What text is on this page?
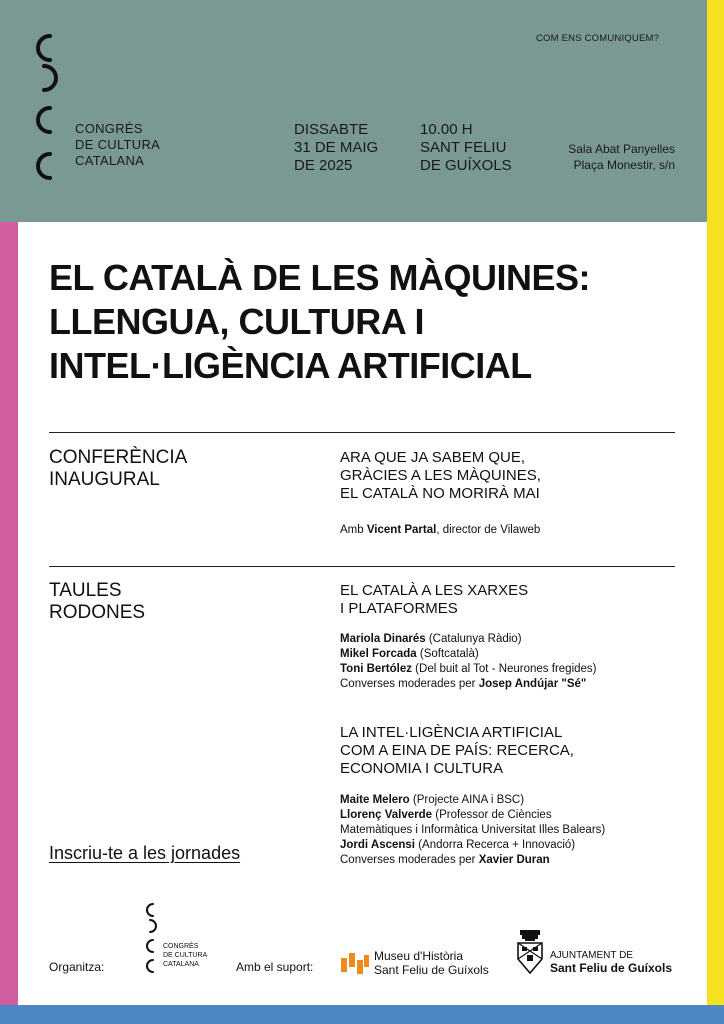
CONGRÉS
DE CULTURA
CATALANA
COM ENS COMUNIQUEM?
DISSABTE
31 DE MAIG
DE 2025
10.00 H
SANT FELIU
DE GUÍXOLS
Sala Abat Panyelles
Plaça Monestir, s/n
EL CATALÀ DE LES MÀQUINES:
LLENGUA, CULTURA I
INTEL·LIGÈNCIA ARTIFICIAL
CONFERÈNCIA
INAUGURAL
ARA QUE JA SABEM QUE,
GRÀCIES A LES MÀQUINES,
EL CATALÀ NO MORIRÀ MAI
Amb Vicent Partal, director de Vilaweb
TAULES
RODONES
EL CATALÀ A LES XARXES
I PLATAFORMES
Mariola Dinarés (Catalunya Ràdio)
Mikel Forcada (Softcatalà)
Toni Bertólez (Del buit al Tot - Neurones fregides)
Converses moderades per Josep Andújar "Sé"
LA INTEL·LIGÈNCIA ARTIFICIAL
COM A EINA DE PAÍS: RECERCA,
ECONOMIA I CULTURA
Maite Melero (Projecte AINA i BSC)
Llorenç Valverde (Professor de Ciències
Matemàtiques i Informàtica Universitat Illes Balears)
Jordi Ascensi (Andorra Recerca + Innovació)
Converses moderades per Xavier Duran
Inscriu-te a les jornades
Organitza:
CONGRÉS
DE CULTURA
CATALANA	Amb el suport:
Museu d'Història
Sant Feliu de Guíxols
AJUNTAMENT DE
Sant Feliu de Guíxols
